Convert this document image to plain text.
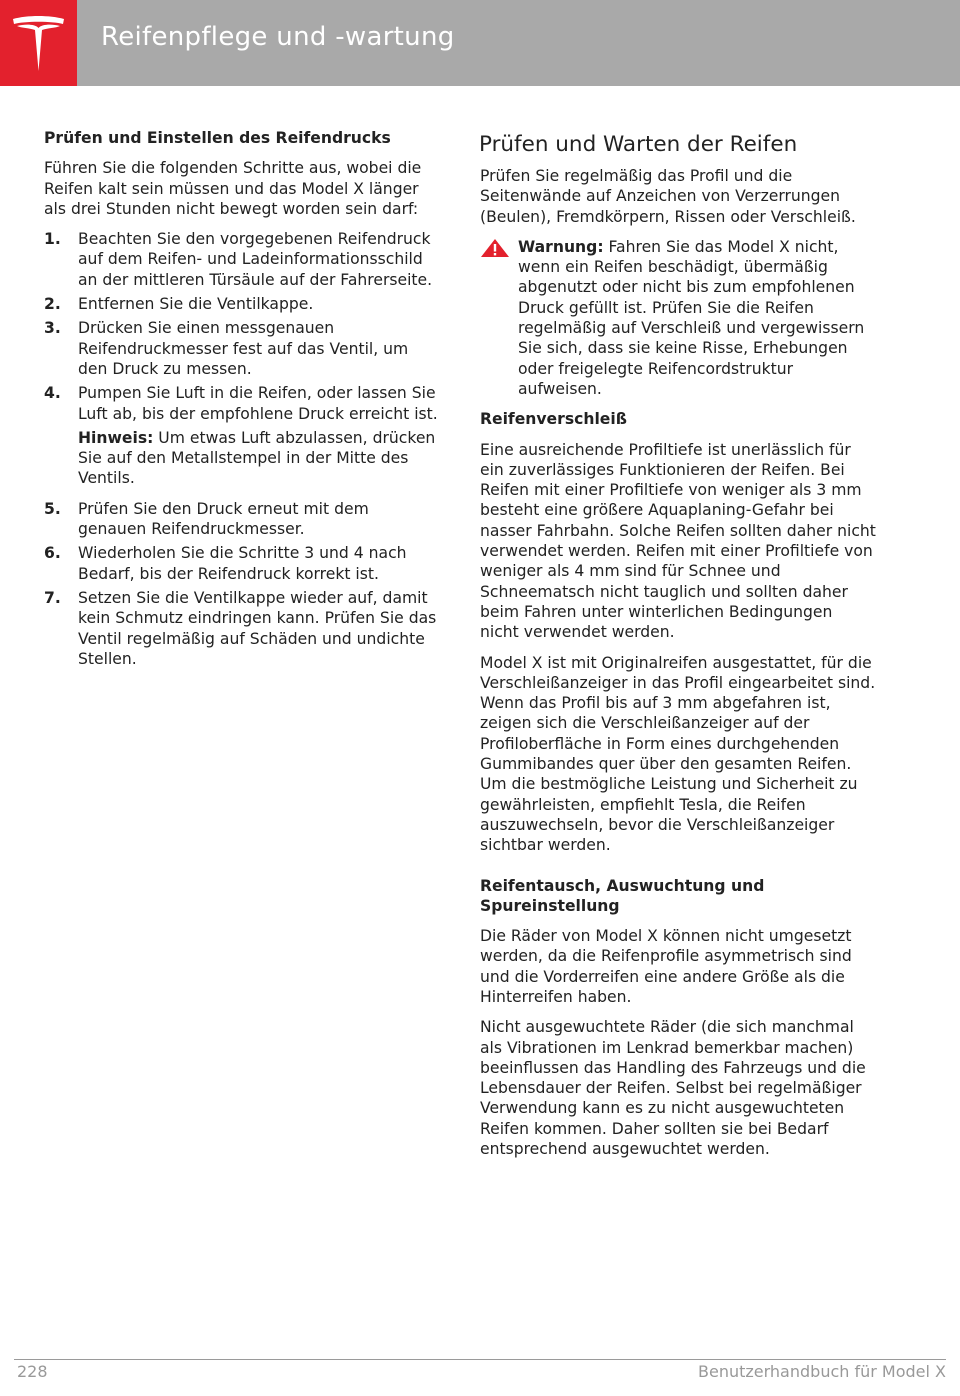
Reifenpflege und -wartung
Prüfen und Einstellen des Reifendrucks

Führen Sie die folgenden Schritte aus, wobei die Reifen kalt sein müssen und das Model X länger als drei Stunden nicht bewegt worden sein darf:

1. Beachten Sie den vorgegebenen Reifendruck auf dem Reifen- und Ladeinformationsschild an der mittleren Türsäule auf der Fahrerseite.
2. Entfernen Sie die Ventilkappe.
3. Drücken Sie einen messgenauen Reifendruckmesser fest auf das Ventil, um den Druck zu messen.
4. Pumpen Sie Luft in die Reifen, oder lassen Sie Luft ab, bis der empfohlene Druck erreicht ist.

Hinweis: Um etwas Luft abzulassen, drücken Sie auf den Metallstempel in der Mitte des Ventils.

5. Prüfen Sie den Druck erneut mit dem genauen Reifendruckmesser.
6. Wiederholen Sie die Schritte 3 und 4 nach Bedarf, bis der Reifendruck korrekt ist.
7. Setzen Sie die Ventilkappe wieder auf, damit kein Schmutz eindringen kann. Prüfen Sie das Ventil regelmäßig auf Schäden und undichte Stellen.
Prüfen und Warten der Reifen

Prüfen Sie regelmäßig das Profil und die Seitenwände auf Anzeichen von Verzerrungen (Beulen), Fremdkörpern, Rissen oder Verschleiß.

Warnung: Fahren Sie das Model X nicht, wenn ein Reifen beschädigt, übermäßig abgenutzt oder nicht bis zum empfohlenen Druck gefüllt ist. Prüfen Sie die Reifen regelmäßig auf Verschleiß und vergewissern Sie sich, dass sie keine Risse, Erhebungen oder freigelegte Reifencordstruktur aufweisen.

Reifenverschleiß

Eine ausreichende Profiltiefe ist unerlässlich für ein zuverlässiges Funktionieren der Reifen. Bei Reifen mit einer Profiltiefe von weniger als 3 mm besteht eine größere Aquaplaning-Gefahr bei nasser Fahrbahn. Solche Reifen sollten daher nicht verwendet werden. Reifen mit einer Profiltiefe von weniger als 4 mm sind für Schnee und Schneematsch nicht tauglich und sollten daher beim Fahren unter winterlichen Bedingungen nicht verwendet werden.

Model X ist mit Originalreifen ausgestattet, für die Verschleißanzeiger in das Profil eingearbeitet sind. Wenn das Profil bis auf 3 mm abgefahren ist, zeigen sich die Verschleißanzeiger auf der Profiloberfläche in Form eines durchgehenden Gummibandes quer über den gesamten Reifen. Um die bestmögliche Leistung und Sicherheit zu gewährleisten, empfiehlt Tesla, die Reifen auszuwechseln, bevor die Verschleißanzeiger sichtbar werden.

Reifentausch, Auswuchtung und Spureinstellung

Die Räder von Model X können nicht umgesetzt werden, da die Reifenprofile asymmetrisch sind und die Vorderreifen eine andere Größe als die Hinterreifen haben.

Nicht ausgewuchtete Räder (die sich manchmal als Vibrationen im Lenkrad bemerkbar machen) beeinflussen das Handling des Fahrzeugs und die Lebensdauer der Reifen. Selbst bei regelmäßiger Verwendung kann es zu nicht ausgewuchteten Reifen kommen. Daher sollten sie bei Bedarf entsprechend ausgewuchtet werden.

228	Benutzerhandbuch für Model X
